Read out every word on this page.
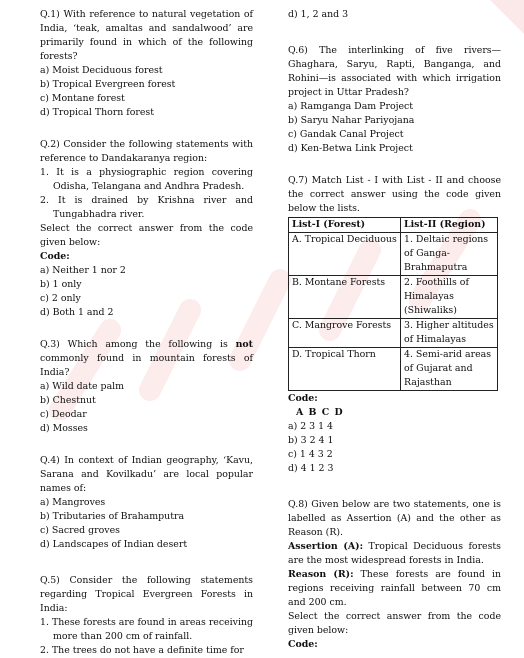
Q.1) With reference to natural vegetation of India, ‘teak, amaltas and sandalwood’ are primarily found in which of the following forests?

a) Moist Deciduous forest

b) Tropical Evergreen forest

c) Montane forest

d) Tropical Thorn forest

Q.2) Consider the following statements with reference to Dandakaranya region:

1. It is a physiographic region covering Odisha, Telangana and Andhra Pradesh.

2. It is drained by Krishna river and Tungabhadra river.

Select the correct answer from the code given below:

Code:

a) Neither 1 nor 2

b) 1 only

c) 2 only

d) Both 1 and 2

Q.3) Which among the following is not commonly found in mountain forests of India?

a) Wild date palm

b) Chestnut

c) Deodar

d) Mosses

Q.4) In context of Indian geography, ‘Kavu, Sarana and Kovilkadu’ are local popular names of:

a) Mangroves

b) Tributaries of Brahamputra

c) Sacred groves

d) Landscapes of Indian desert

Q.5) Consider the following statements regarding Tropical Evergreen Forests in India:

1. These forests are found in areas receiving more than 200 cm of rainfall.

2. The trees do not have a definite time for

d) 1, 2 and 3

Q.6) The interlinking of five rivers—Ghaghara, Saryu, Rapti, Banganga, and Rohini—is associated with which irrigation project in Uttar Pradesh?

a) Ramganga Dam Project

b) Saryu Nahar Pariyojana

c) Gandak Canal Project

d) Ken-Betwa Link Project

Q.7) Match List - I with List - II and choose the correct answer using the code given below the lists.

List-I (Forest)	List-II (Region)
A. Tropical Deciduous	1. Deltaic regions of Ganga-Brahmaputra
B. Montane Forests	2. Foothills of Himalayas (Shiwaliks)
C. Mangrove Forests	3. Higher altitudes of Himalayas
D. Tropical Thorn	4. Semi-arid areas of Gujarat and Rajasthan

Code:

A B C D

a) 2 3 1 4

b) 3 2 4 1

c) 1 4 3 2

d) 4 1 2 3

Q.8) Given below are two statements, one is labelled as Assertion (A) and the other as Reason (R).

Assertion (A): Tropical Deciduous forests are the most widespread forests in India.

Reason (R): These forests are found in regions receiving rainfall between 70 cm and 200 cm.

Select the correct answer from the code given below:

Code:
